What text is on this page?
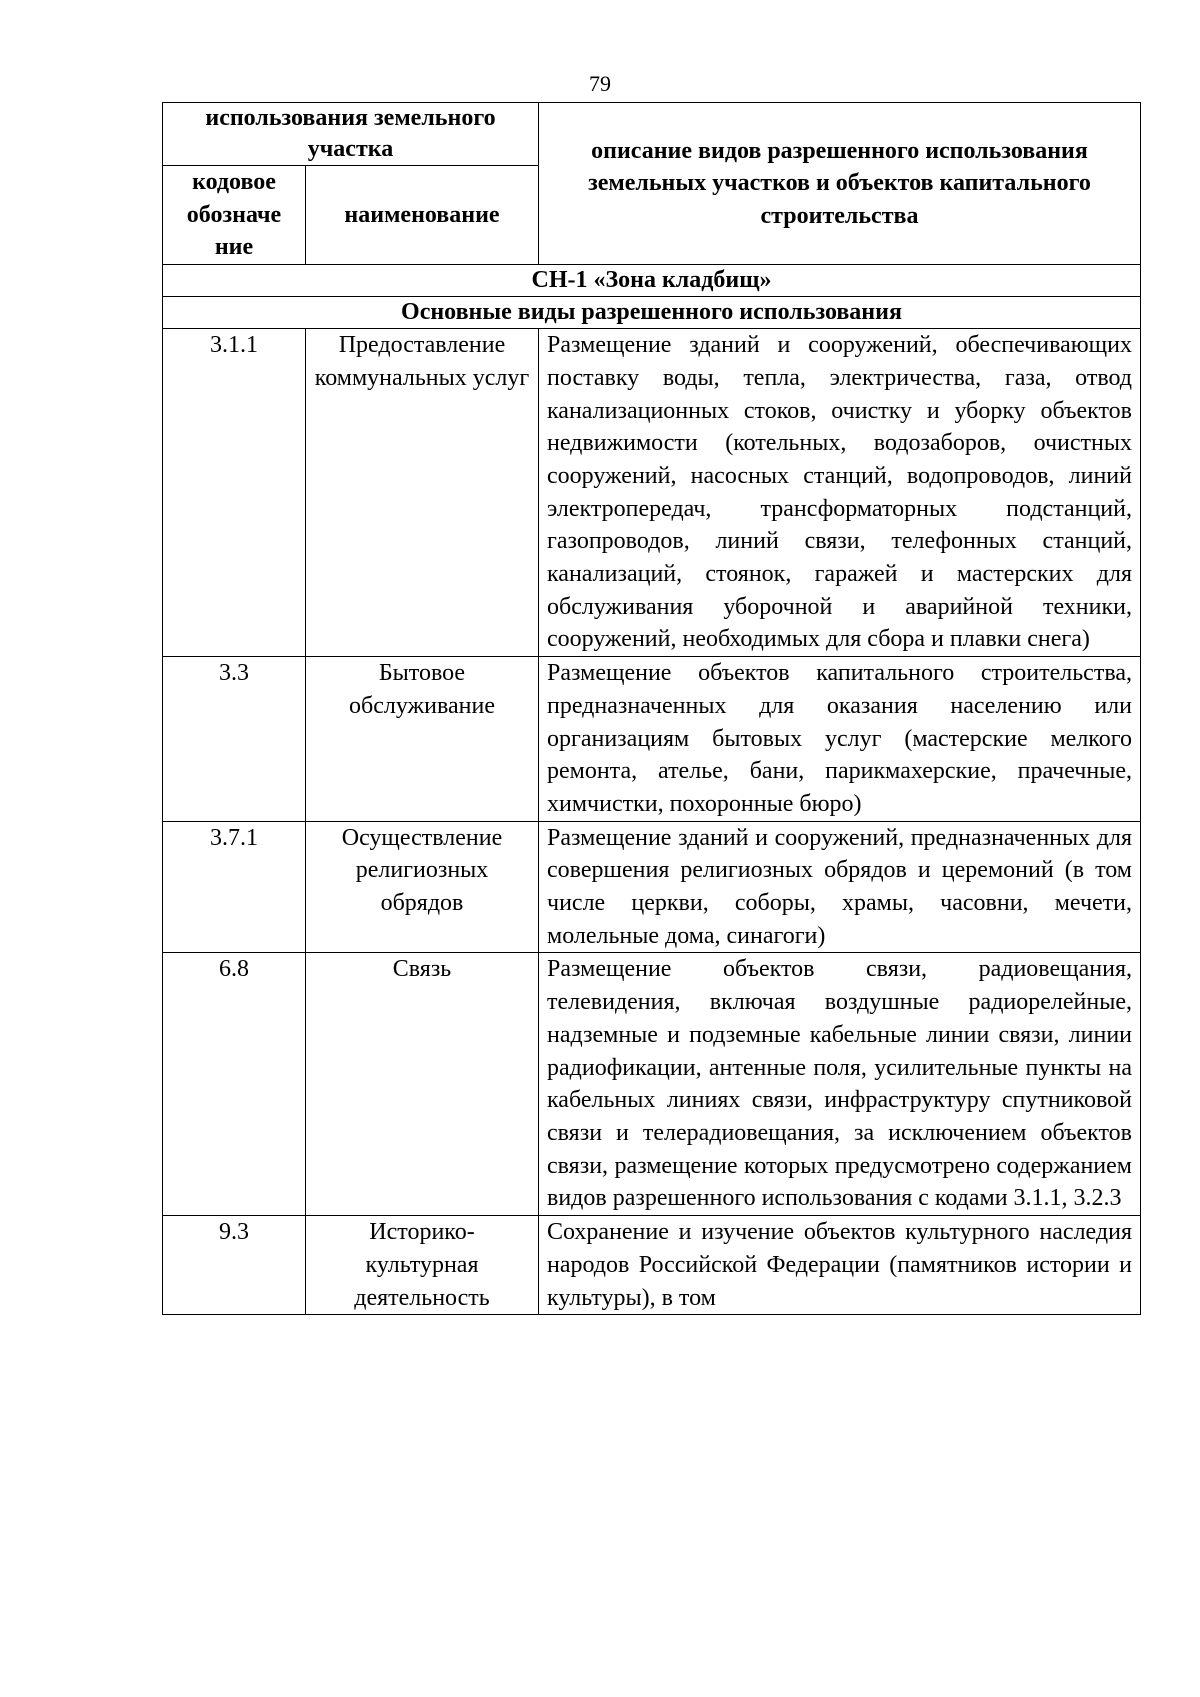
79
использования земельного участка		описание видов разрешенного использования земельных участков и объектов капитального строительства
кодовое обозначе ние	наименование	
СН-1 «Зона кладбищ»		
Основные виды разрешенного использования		
3.1.1	Предоставление коммунальных услуг	Размещение зданий и сооружений, обеспечивающих поставку воды, тепла, электричества, газа, отвод канализационных стоков, очистку и уборку объектов недвижимости (котельных, водозаборов, очистных сооружений, насосных станций, водопроводов, линий электропередач, трансформаторных подстанций, газопроводов, линий связи, телефонных станций, канализаций, стоянок, гаражей и мастерских для обслуживания уборочной и аварийной техники, сооружений, необходимых для сбора и плавки снега)
3.3	Бытовое обслуживание	Размещение объектов капитального строительства, предназначенных для оказания населению или организациям бытовых услуг (мастерские мелкого ремонта, ателье, бани, парикмахерские, прачечные, химчистки, похоронные бюро)
3.7.1	Осуществление религиозных обрядов	Размещение зданий и сооружений, предназначенных для совершения религиозных обрядов и церемоний (в том числе церкви, соборы, храмы, часовни, мечети, молельные дома, синагоги)
6.8	Связь	Размещение объектов связи, радиовещания, телевидения, включая воздушные радиорелейные, надземные и подземные кабельные линии связи, линии радиофикации, антенные поля, усилительные пункты на кабельных линиях связи, инфраструктуру спутниковой связи и телерадиовещания, за исключением объектов связи, размещение которых предусмотрено содержанием видов разрешенного использования с кодами 3.1.1, 3.2.3
9.3	Историко-культурная деятельность	Сохранение и изучение объектов культурного наследия народов Российской Федерации (памятников истории и культуры), в том
